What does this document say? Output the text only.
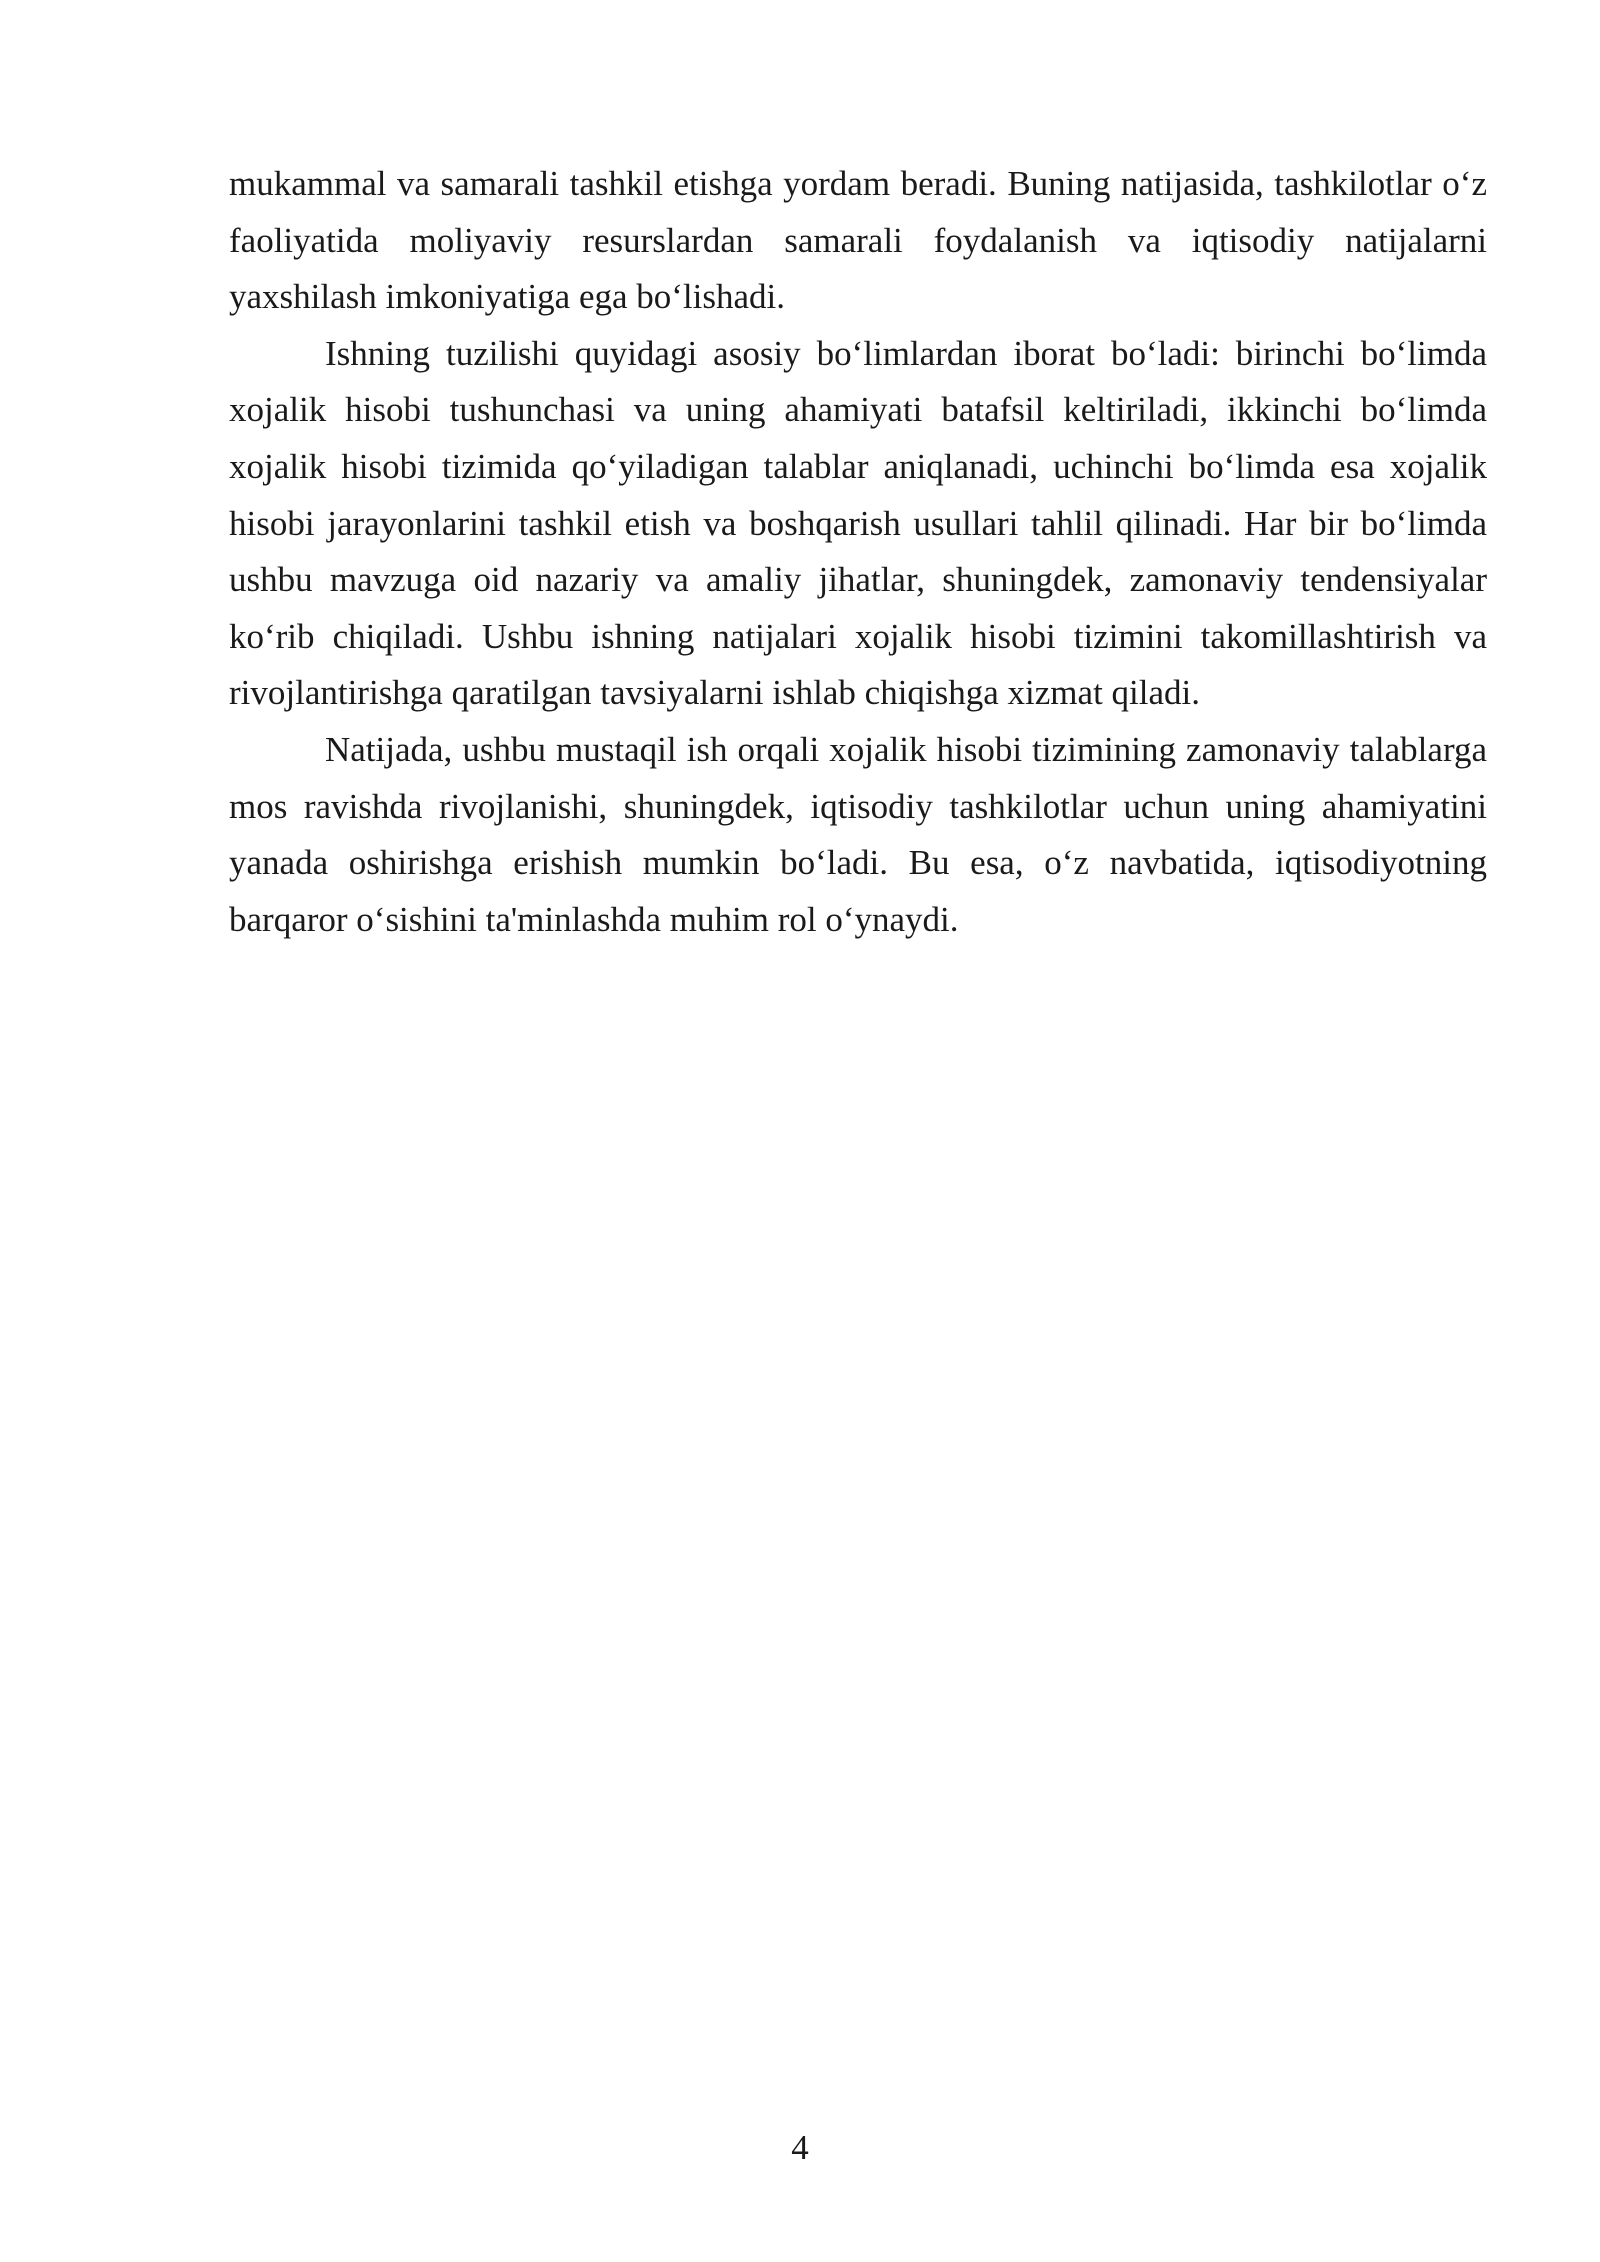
mukammal va samarali tashkil etishga yordam beradi. Buning natijasida, tashkilotlar o‘z faoliyatida moliyaviy resurslardan samarali foydalanish va iqtisodiy natijalarni yaxshilash imkoniyatiga ega bo‘lishadi.

Ishning tuzilishi quyidagi asosiy bo‘limlardan iborat bo‘ladi: birinchi bo‘limda xojalik hisobi tushunchasi va uning ahamiyati batafsil keltiriladi, ikkinchi bo‘limda xojalik hisobi tizimida qo‘yiladigan talablar aniqlanadi, uchinchi bo‘limda esa xojalik hisobi jarayonlarini tashkil etish va boshqarish usullari tahlil qilinadi. Har bir bo‘limda ushbu mavzuga oid nazariy va amaliy jihatlar, shuningdek, zamonaviy tendensiyalar ko‘rib chiqiladi. Ushbu ishning natijalari xojalik hisobi tizimini takomillashtirish va rivojlantirishga qaratilgan tavsiyalarni ishlab chiqishga xizmat qiladi.

Natijada, ushbu mustaqil ish orqali xojalik hisobi tizimining zamonaviy talablarga mos ravishda rivojlanishi, shuningdek, iqtisodiy tashkilotlar uchun uning ahamiyatini yanada oshirishga erishish mumkin bo‘ladi. Bu esa, o‘z navbatida, iqtisodiyotning barqaror o‘sishini ta'minlashda muhim rol o‘ynaydi.

4
